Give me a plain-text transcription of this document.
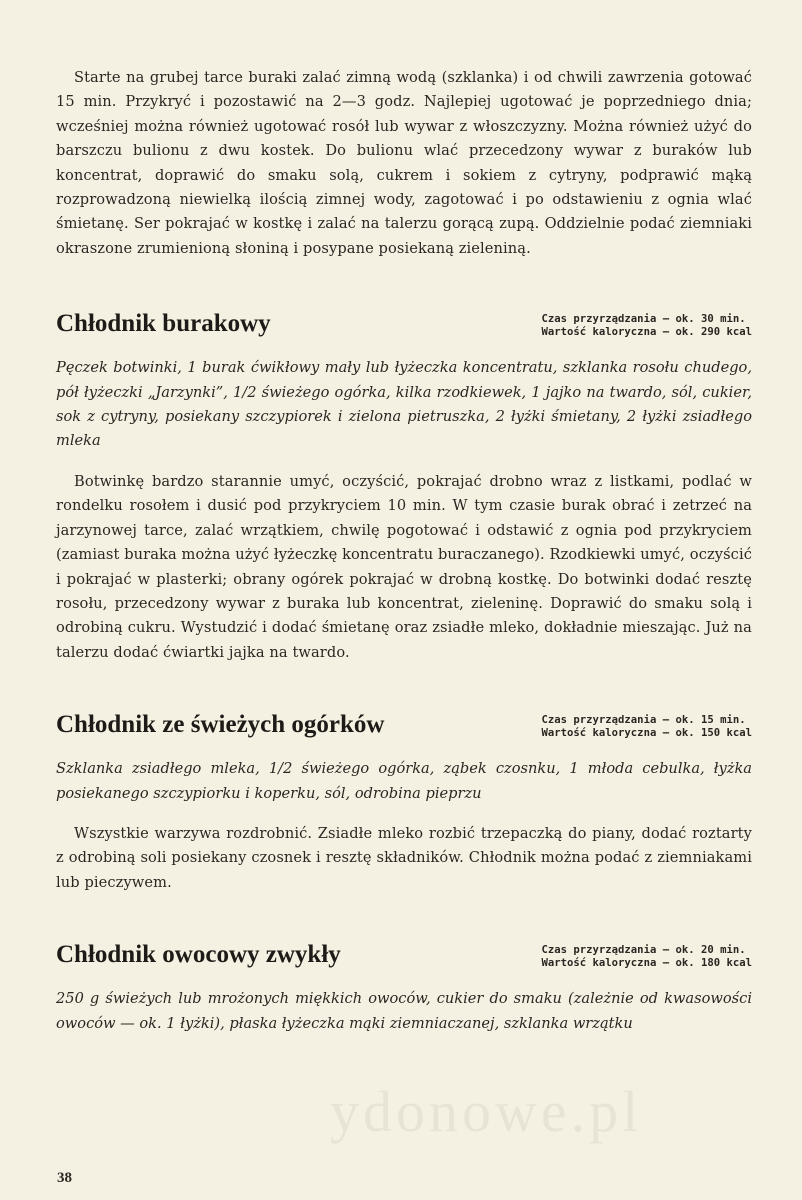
Starte na grubej tarce buraki zalać zimną wodą (szklanka) i od chwili zawrzenia gotować 15 min. Przykryć i pozostawić na 2—3 godz. Najlepiej ugotować je poprzedniego dnia; wcześniej można również ugotować rosół lub wywar z włoszczyzny. Można również użyć do barszczu bulionu z dwu kostek. Do bulionu wlać przecedzony wywar z buraków lub koncentrat, doprawić do smaku solą, cukrem i sokiem z cytryny, podprawić mąką rozprowadzoną niewielką ilością zimnej wody, zagotować i po odstawieniu z ognia wlać śmietanę. Ser pokrajać w kostkę i zalać na talerzu gorącą zupą. Oddzielnie podać ziemniaki okraszone zrumienioną słoniną i posypane posiekaną zieleniną.

Chłodnik burakowy	Czas przyrządzania — ok. 30 min.
Wartość kaloryczna — ok. 290 kcal

Pęczek botwinki, 1 burak ćwikłowy mały lub łyżeczka koncentratu, szklanka rosołu chudego, pół łyżeczki „Jarzynki”, 1/2 świeżego ogórka, kilka rzodkiewek, 1 jajko na twardo, sól, cukier, sok z cytryny, posiekany szczypiorek i zielona pietruszka, 2 łyżki śmietany, 2 łyżki zsiadłego mleka

Botwinkę bardzo starannie umyć, oczyścić, pokrajać drobno wraz z listkami, podlać w rondelku rosołem i dusić pod przykryciem 10 min. W tym czasie burak obrać i zetrzeć na jarzynowej tarce, zalać wrzątkiem, chwilę pogotować i odstawić z ognia pod przykryciem (zamiast buraka można użyć łyżeczkę koncentratu buraczanego). Rzodkiewki umyć, oczyścić i pokrajać w plasterki; obrany ogórek pokrajać w drobną kostkę. Do botwinki dodać resztę rosołu, przecedzony wywar z buraka lub koncentrat, zieleninę. Doprawić do smaku solą i odrobiną cukru. Wystudzić i dodać śmietanę oraz zsiadłe mleko, dokładnie mieszając. Już na talerzu dodać ćwiartki jajka na twardo.

Chłodnik ze świeżych ogórków	Czas przyrządzania — ok. 15 min.
Wartość kaloryczna — ok. 150 kcal

Szklanka zsiadłego mleka, 1/2 świeżego ogórka, ząbek czosnku, 1 młoda cebulka, łyżka posiekanego szczypiorku i koperku, sól, odrobina pieprzu

Wszystkie warzywa rozdrobnić. Zsiadłe mleko rozbić trzepaczką do piany, dodać roztarty z odrobiną soli posiekany czosnek i resztę składników. Chłodnik można podać z ziemniakami lub pieczywem.

Chłodnik owocowy zwykły	Czas przyrządzania — ok. 20 min.
Wartość kaloryczna — ok. 180 kcal

250 g świeżych lub mrożonych miękkich owoców, cukier do smaku (zależnie od kwasowości owoców — ok. 1 łyżki), płaska łyżeczka mąki ziemniaczanej, szklanka wrzątku

ydonowe.pl
38
